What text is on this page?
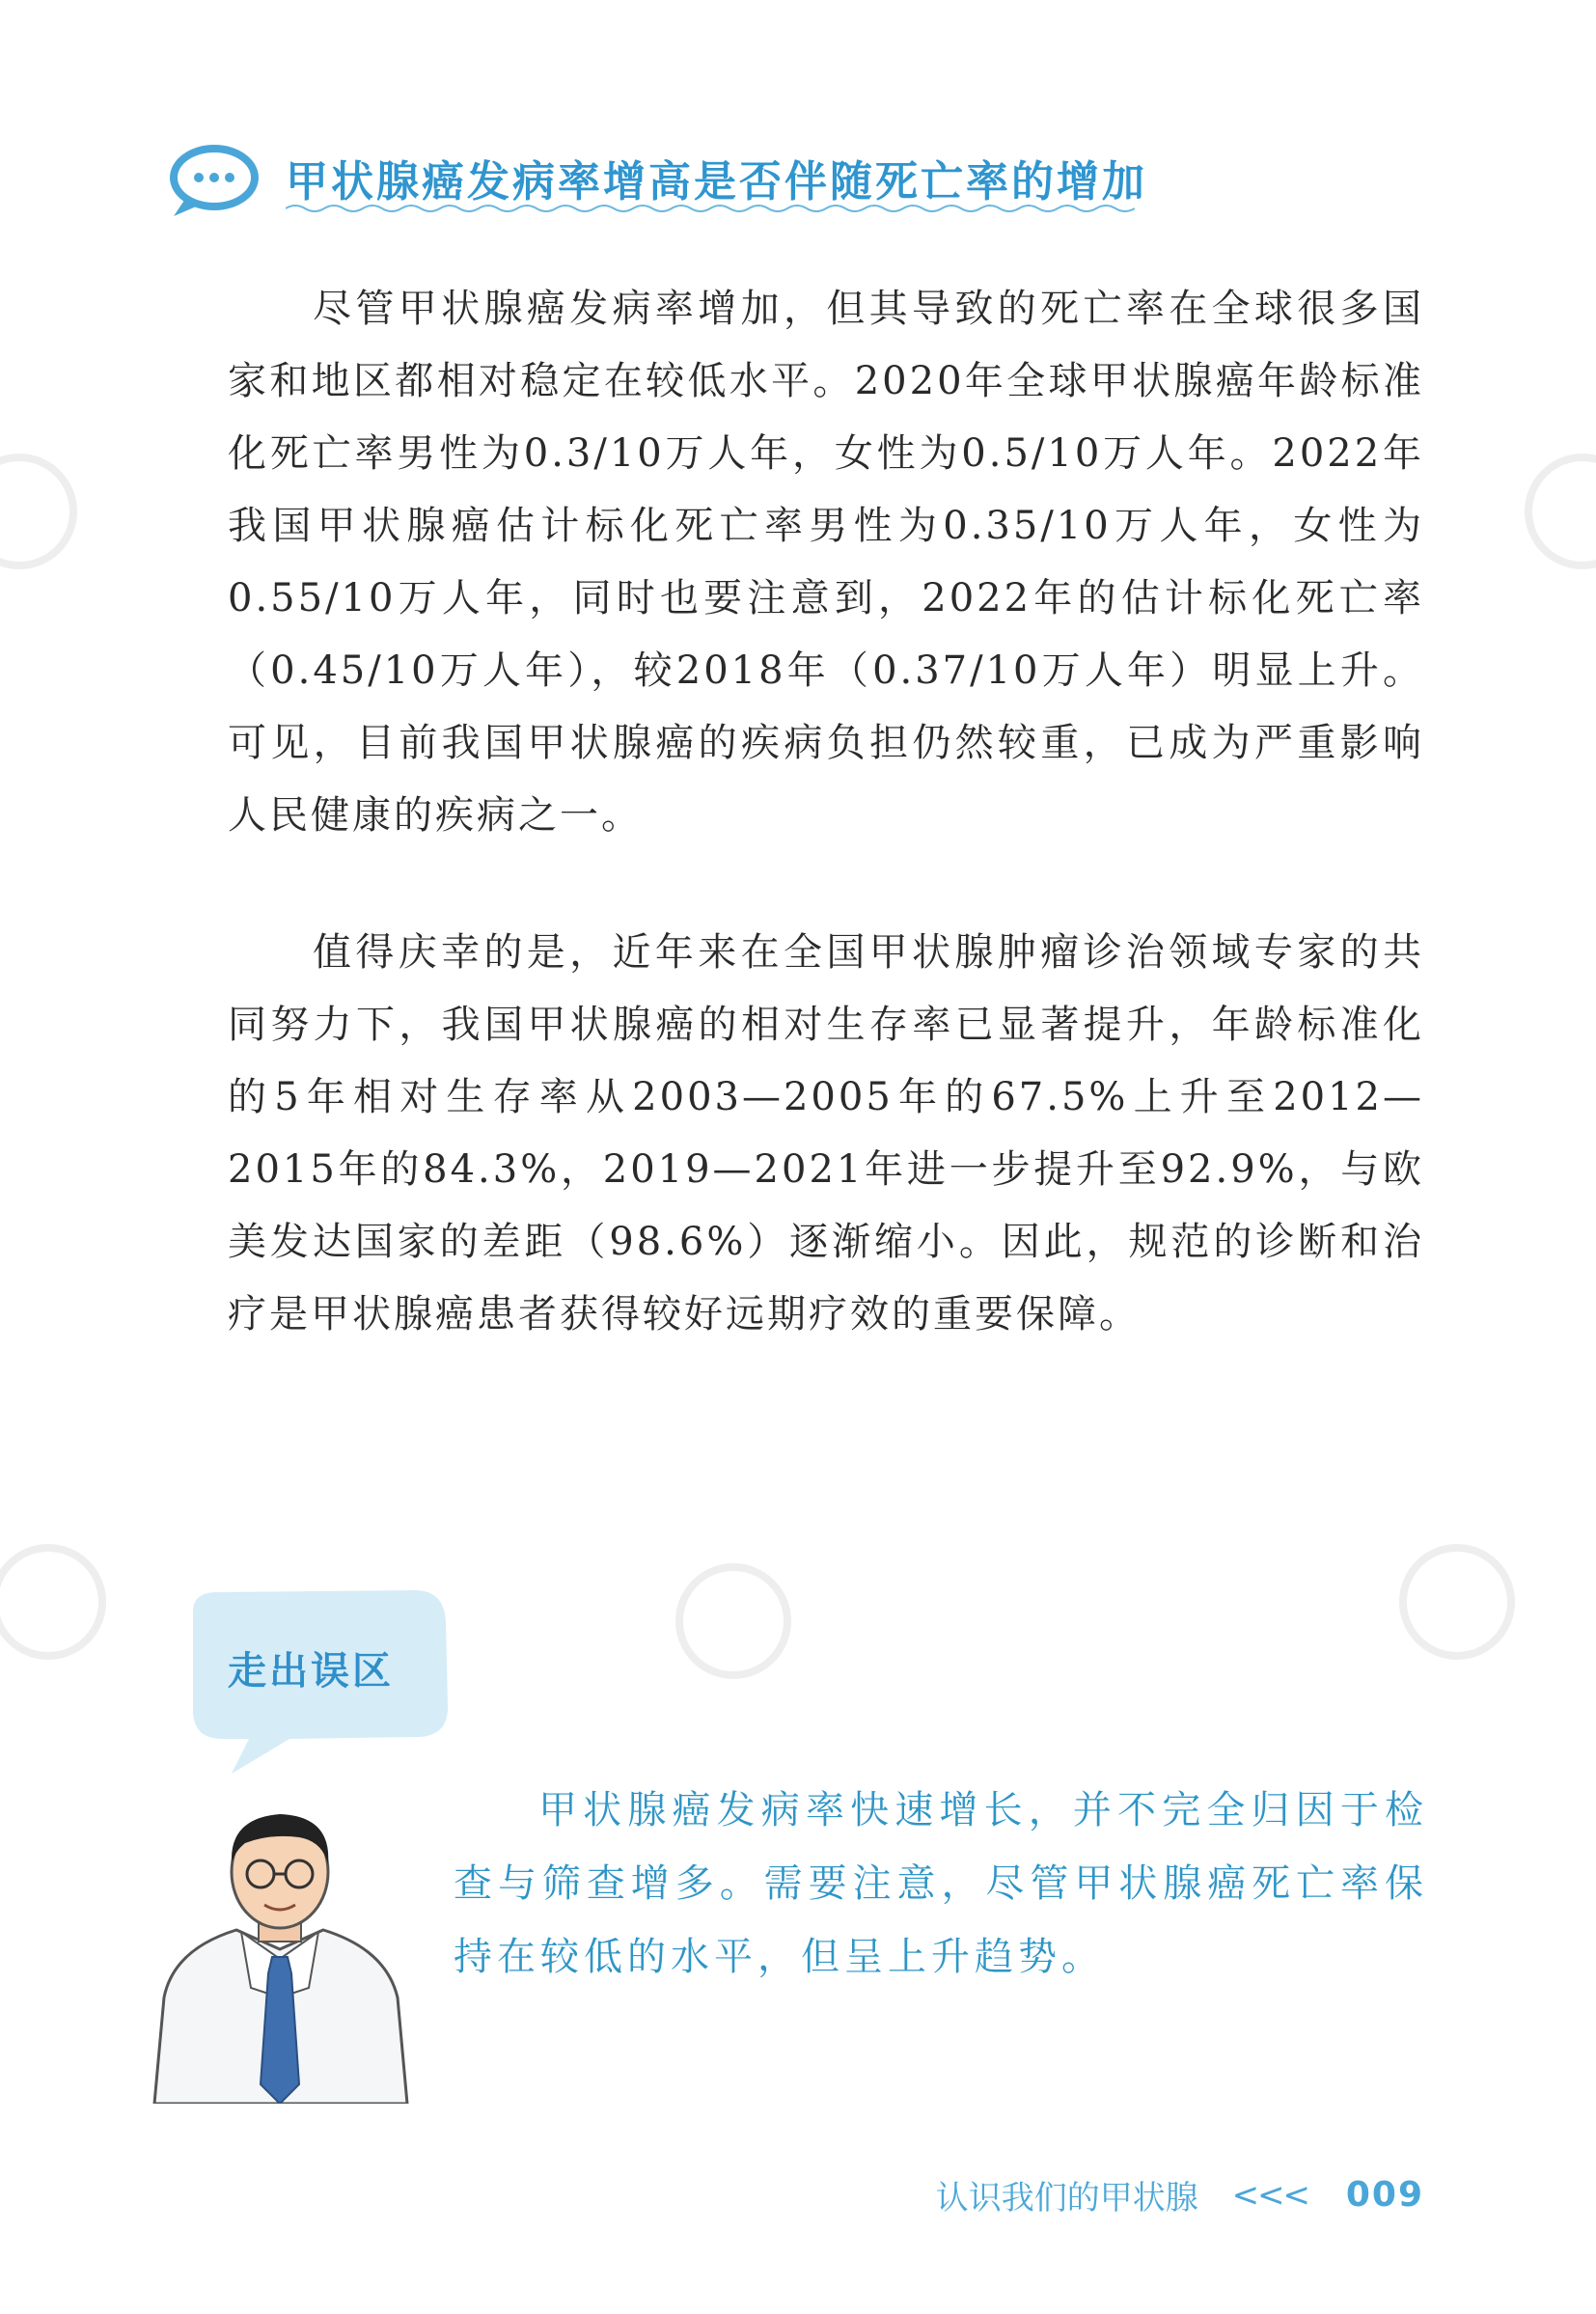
甲状腺癌发病率增高是否伴随死亡率的增加

尽管甲状腺癌发病率增加，但其导致的死亡率在全球很多国家和地区都相对稳定在较低水平。2020年全球甲状腺癌年龄标准化死亡率男性为0.3/10万人年，女性为0.5/10万人年。2022年我国甲状腺癌估计标化死亡率男性为0.35/10万人年，女性为0.55/10万人年，同时也要注意到，2022年的估计标化死亡率（0.45/10万人年），较2018年（0.37/10万人年）明显上升。可见，目前我国甲状腺癌的疾病负担仍然较重，已成为严重影响人民健康的疾病之一。

值得庆幸的是，近年来在全国甲状腺肿瘤诊治领域专家的共同努力下，我国甲状腺癌的相对生存率已显著提升，年龄标准化的5年相对生存率从2003—2005年的67.5%上升至2012—2015年的84.3%，2019—2021年进一步提升至92.9%，与欧美发达国家的差距（98.6%）逐渐缩小。因此，规范的诊断和治疗是甲状腺癌患者获得较好远期疗效的重要保障。

走出误区

甲状腺癌发病率快速增长，并不完全归因于检查与筛查增多。需要注意，尽管甲状腺癌死亡率保持在较低的水平，但呈上升趋势。

认识我们的甲状腺 <<< 009
